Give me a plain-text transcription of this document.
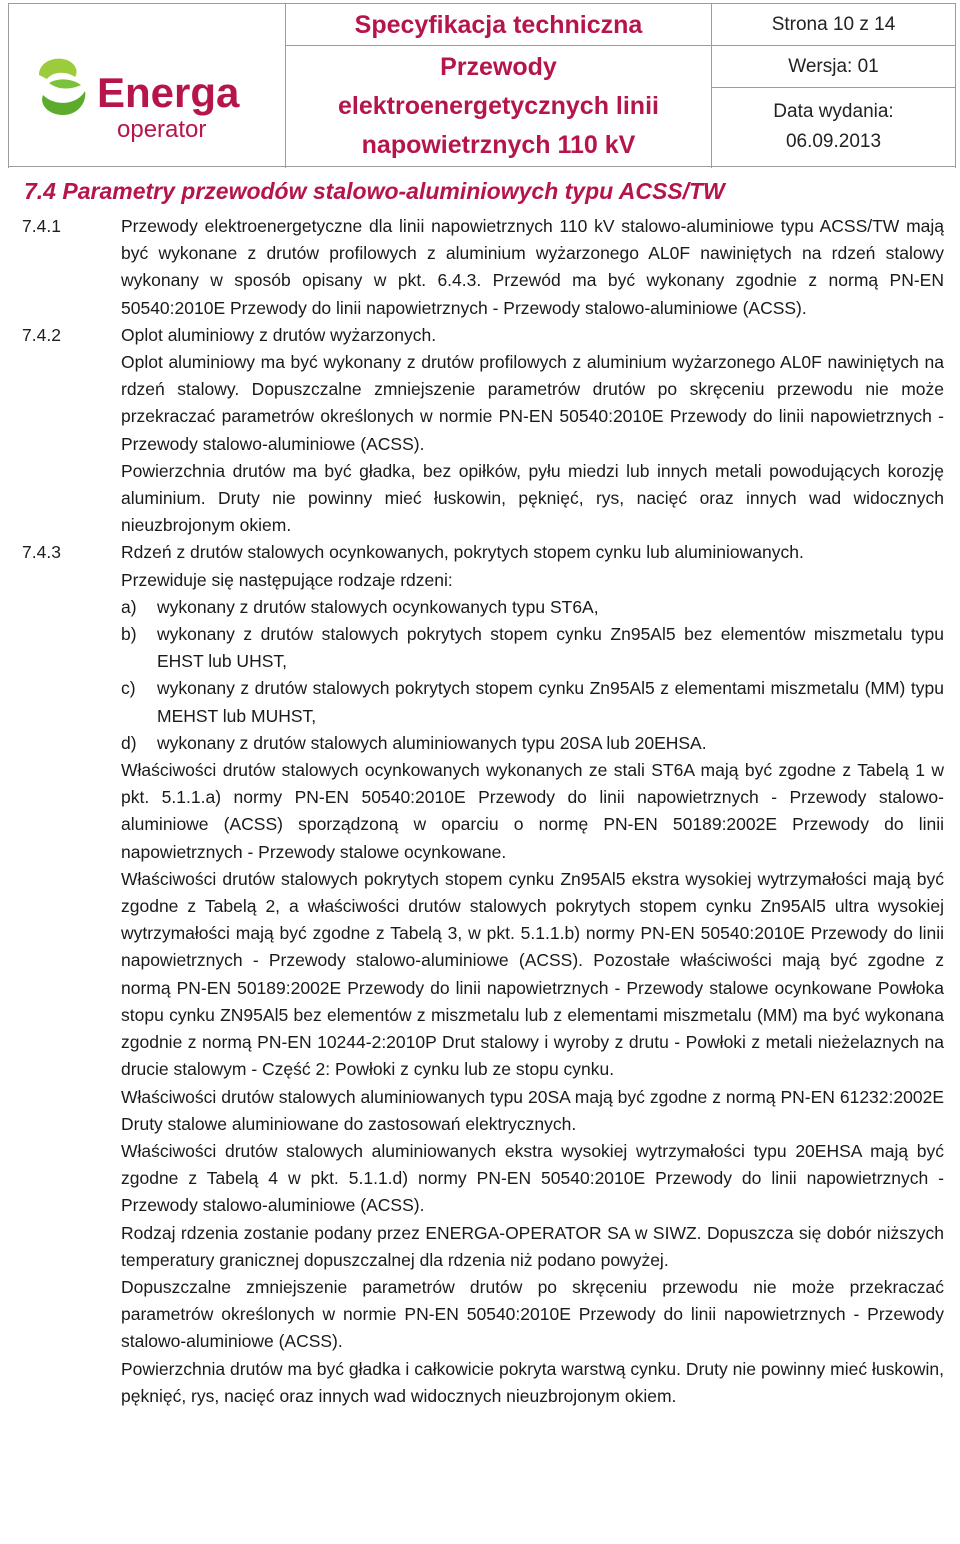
Energa
operator	Specyfikacja techniczna	Strona 10 z 14

	Przewody
elektroenergetycznych linii
napowietrznych 110 kV	Wersja: 01

		Data wydania:
06.09.2013

7.4 Parametry przewodów stalowo-aluminiowych typu ACSS/TW
7.4.1	Przewody elektroenergetyczne dla linii napowietrznych 110 kV stalowo-aluminiowe typu ACSS/TW mają być wykonane z drutów profilowych z aluminium wyżarzonego AL0F nawiniętych na rdzeń stalowy wykonany w sposób opisany w pkt. 6.4.3. Przewód ma być wykonany zgodnie z normą PN-EN 50540:2010E Przewody do linii napowietrznych - Przewody stalowo-aluminiowe (ACSS).

7.4.2	Oplot aluminiowy z drutów wyżarzonych.

Oplot aluminiowy ma być wykonany z drutów profilowych z aluminium wyżarzonego AL0F nawiniętych na rdzeń stalowy. Dopuszczalne zmniejszenie parametrów drutów po skręceniu przewodu nie może przekraczać parametrów określonych w normie PN-EN 50540:2010E Przewody do linii napowietrznych - Przewody stalowo-aluminiowe (ACSS).

Powierzchnia drutów ma być gładka, bez opiłków, pyłu miedzi lub innych metali powodujących korozję aluminium. Druty nie powinny mieć łuskowin, pęknięć, rys, nacięć oraz innych wad widocznych nieuzbrojonym okiem.

7.4.3	Rdzeń z drutów stalowych ocynkowanych, pokrytych stopem cynku lub aluminiowanych.

Przewiduje się następujące rodzaje rdzeni:

a)	wykonany z drutów stalowych ocynkowanych typu ST6A,
b)	wykonany z drutów stalowych pokrytych stopem cynku Zn95Al5 bez elementów miszmetalu typu EHST lub UHST,
c)	wykonany z drutów stalowych pokrytych stopem cynku Zn95Al5 z elementami miszmetalu (MM) typu MEHST lub MUHST,
d)	wykonany z drutów stalowych aluminiowanych typu 20SA lub 20EHSA.

Właściwości drutów stalowych ocynkowanych wykonanych ze stali ST6A mają być zgodne z Tabelą 1 w pkt. 5.1.1.a) normy PN-EN 50540:2010E Przewody do linii napowietrznych - Przewody stalowo-aluminiowe (ACSS) sporządzoną w oparciu o normę PN-EN 50189:2002E Przewody do linii napowietrznych - Przewody stalowe ocynkowane.

Właściwości drutów stalowych pokrytych stopem cynku Zn95Al5 ekstra wysokiej wytrzymałości mają być zgodne z Tabelą 2, a właściwości drutów stalowych pokrytych stopem cynku Zn95Al5 ultra wysokiej wytrzymałości mają być zgodne z Tabelą 3, w pkt. 5.1.1.b) normy PN-EN 50540:2010E Przewody do linii napowietrznych - Przewody stalowo-aluminiowe (ACSS). Pozostałe właściwości mają być zgodne z normą PN-EN 50189:2002E Przewody do linii napowietrznych - Przewody stalowe ocynkowane Powłoka stopu cynku ZN95Al5 bez elementów z miszmetalu lub z elementami miszmetalu (MM) ma być wykonana zgodnie z normą PN-EN 10244-2:2010P Drut stalowy i wyroby z drutu - Powłoki z metali nieżelaznych na drucie stalowym - Część 2: Powłoki z cynku lub ze stopu cynku.

Właściwości drutów stalowych aluminiowanych typu 20SA mają być zgodne z normą PN-EN 61232:2002E Druty stalowe aluminiowane do zastosowań elektrycznych.

Właściwości drutów stalowych aluminiowanych ekstra wysokiej wytrzymałości typu 20EHSA mają być zgodne z Tabelą 4 w pkt. 5.1.1.d) normy PN-EN 50540:2010E Przewody do linii napowietrznych - Przewody stalowo-aluminiowe (ACSS).

Rodzaj rdzenia zostanie podany przez ENERGA-OPERATOR SA w SIWZ. Dopuszcza się dobór niższych temperatury granicznej dopuszczalnej dla rdzenia niż podano powyżej.

Dopuszczalne zmniejszenie parametrów drutów po skręceniu przewodu nie może przekraczać parametrów określonych w normie PN-EN 50540:2010E Przewody do linii napowietrznych - Przewody stalowo-aluminiowe (ACSS).

Powierzchnia drutów ma być gładka i całkowicie pokryta warstwą cynku. Druty nie powinny mieć łuskowin, pęknięć, rys, nacięć oraz innych wad widocznych nieuzbrojonym okiem.
